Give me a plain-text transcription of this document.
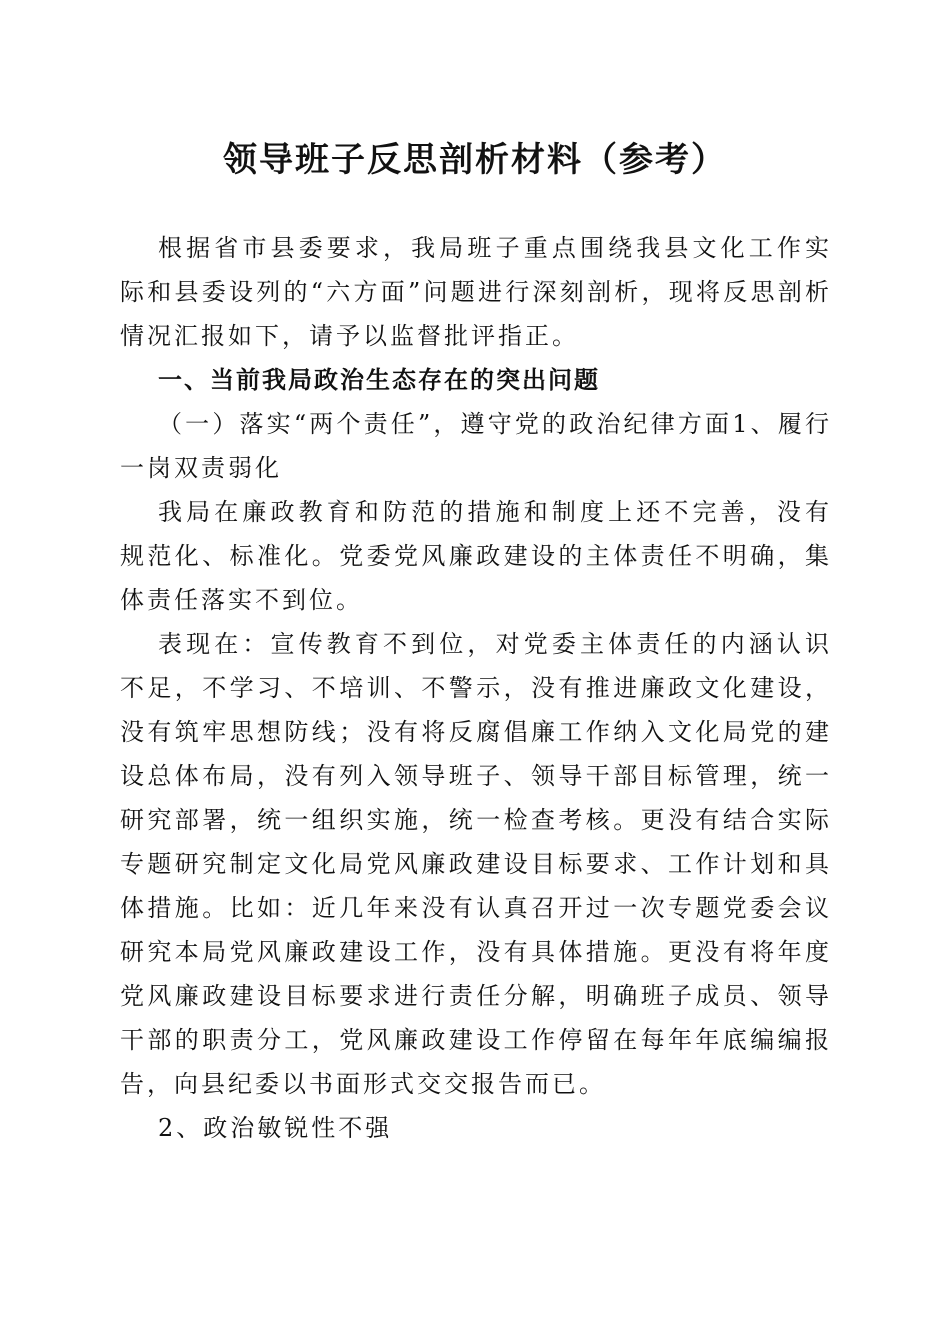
领导班子反思剖析材料（参考）

根据省市县委要求，我局班子重点围绕我县文化工作实际和县委设列的“六方面”问题进行深刻剖析，现将反思剖析情况汇报如下，请予以监督批评指正。

一、当前我局政治生态存在的突出问题

（一）落实“两个责任”，遵守党的政治纪律方面1、履行一岗双责弱化

我局在廉政教育和防范的措施和制度上还不完善，没有规范化、标准化。党委党风廉政建设的主体责任不明确，集体责任落实不到位。

表现在：宣传教育不到位，对党委主体责任的内涵认识不足，不学习、不培训、不警示，没有推进廉政文化建设，没有筑牢思想防线；没有将反腐倡廉工作纳入文化局党的建设总体布局，没有列入领导班子、领导干部目标管理，统一研究部署，统一组织实施，统一检查考核。更没有结合实际专题研究制定文化局党风廉政建设目标要求、工作计划和具体措施。比如：近几年来没有认真召开过一次专题党委会议研究本局党风廉政建设工作，没有具体措施。更没有将年度党风廉政建设目标要求进行责任分解，明确班子成员、领导干部的职责分工，党风廉政建设工作停留在每年年底编编报告，向县纪委以书面形式交交报告而已。

2、政治敏锐性不强
